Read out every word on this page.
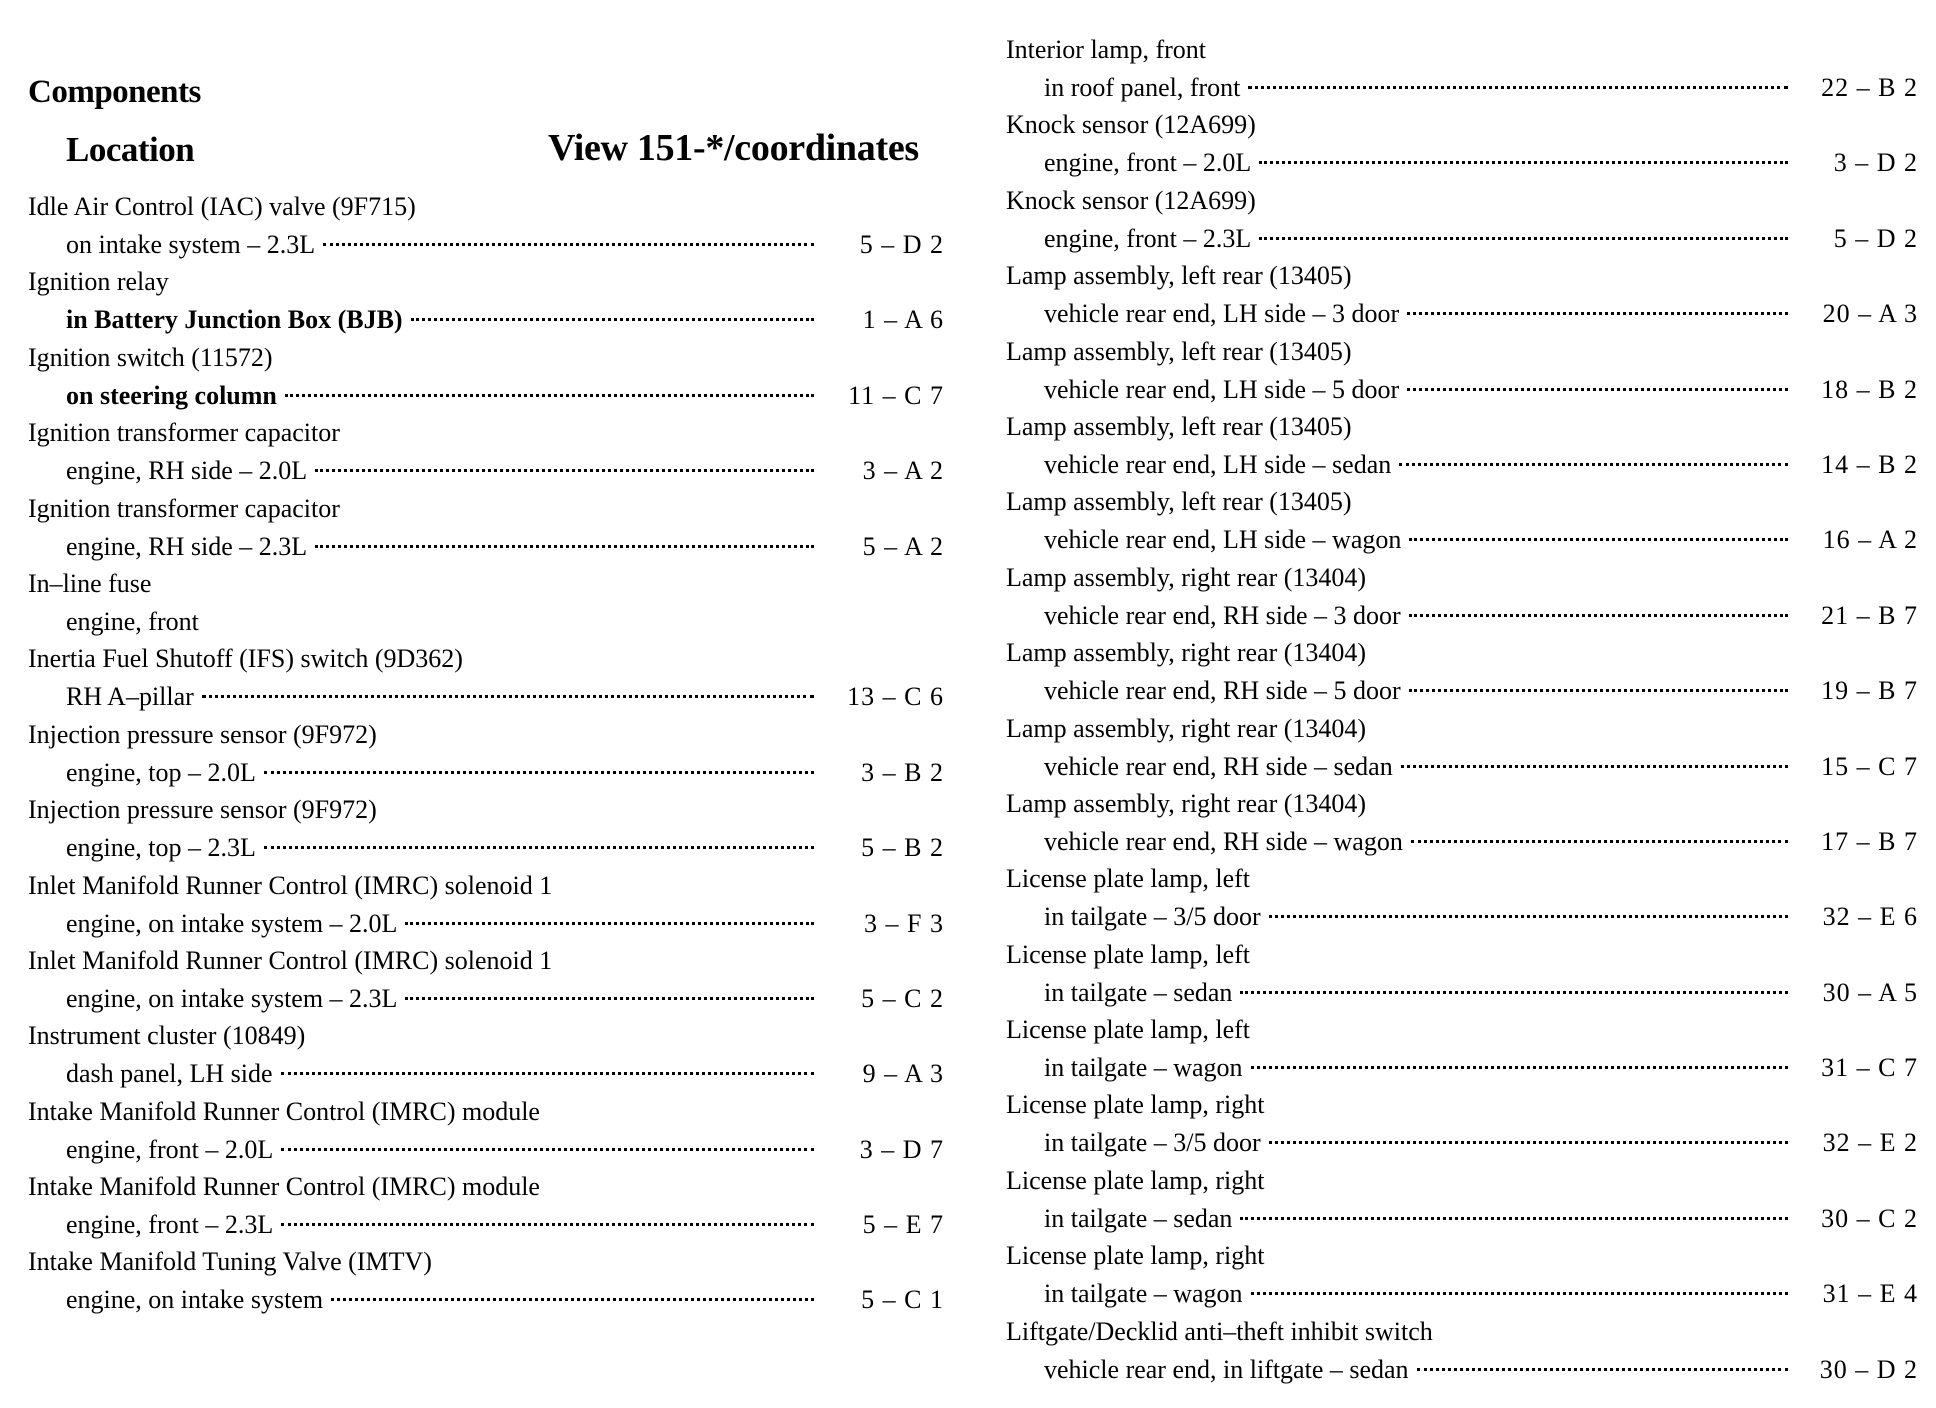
Components
Location	View 151-*/coordinates
Idle Air Control (IAC) valve (9F715)
on intake system – 2.3L	5 – D 2
Ignition relay
in Battery Junction Box (BJB)	1 – A 6
Ignition switch (11572)
on steering column	11 – C 7
Ignition transformer capacitor
engine, RH side – 2.0L	3 – A 2
Ignition transformer capacitor
engine, RH side – 2.3L	5 – A 2
In–line fuse
engine, front
Inertia Fuel Shutoff (IFS) switch (9D362)
RH A–pillar	13 – C 6
Injection pressure sensor (9F972)
engine, top – 2.0L	3 – B 2
Injection pressure sensor (9F972)
engine, top – 2.3L	5 – B 2
Inlet Manifold Runner Control (IMRC) solenoid 1
engine, on intake system – 2.0L	3 – F 3
Inlet Manifold Runner Control (IMRC) solenoid 1
engine, on intake system – 2.3L	5 – C 2
Instrument cluster (10849)
dash panel, LH side	9 – A 3
Intake Manifold Runner Control (IMRC) module
engine, front – 2.0L	3 – D 7
Intake Manifold Runner Control (IMRC) module
engine, front – 2.3L	5 – E 7
Intake Manifold Tuning Valve (IMTV)
engine, on intake system	5 – C 1
Interior lamp, front
in roof panel, front	22 – B 2
Knock sensor (12A699)
engine, front – 2.0L	3 – D 2
Knock sensor (12A699)
engine, front – 2.3L	5 – D 2
Lamp assembly, left rear (13405)
vehicle rear end, LH side – 3 door	20 – A 3
Lamp assembly, left rear (13405)
vehicle rear end, LH side – 5 door	18 – B 2
Lamp assembly, left rear (13405)
vehicle rear end, LH side – sedan	14 – B 2
Lamp assembly, left rear (13405)
vehicle rear end, LH side – wagon	16 – A 2
Lamp assembly, right rear (13404)
vehicle rear end, RH side – 3 door	21 – B 7
Lamp assembly, right rear (13404)
vehicle rear end, RH side – 5 door	19 – B 7
Lamp assembly, right rear (13404)
vehicle rear end, RH side – sedan	15 – C 7
Lamp assembly, right rear (13404)
vehicle rear end, RH side – wagon	17 – B 7
License plate lamp, left
in tailgate – 3/5 door	32 – E 6
License plate lamp, left
in tailgate – sedan	30 – A 5
License plate lamp, left
in tailgate – wagon	31 – C 7
License plate lamp, right
in tailgate – 3/5 door	32 – E 2
License plate lamp, right
in tailgate – sedan	30 – C 2
License plate lamp, right
in tailgate – wagon	31 – E 4
Liftgate/Decklid anti–theft inhibit switch
vehicle rear end, in liftgate – sedan	30 – D 2
